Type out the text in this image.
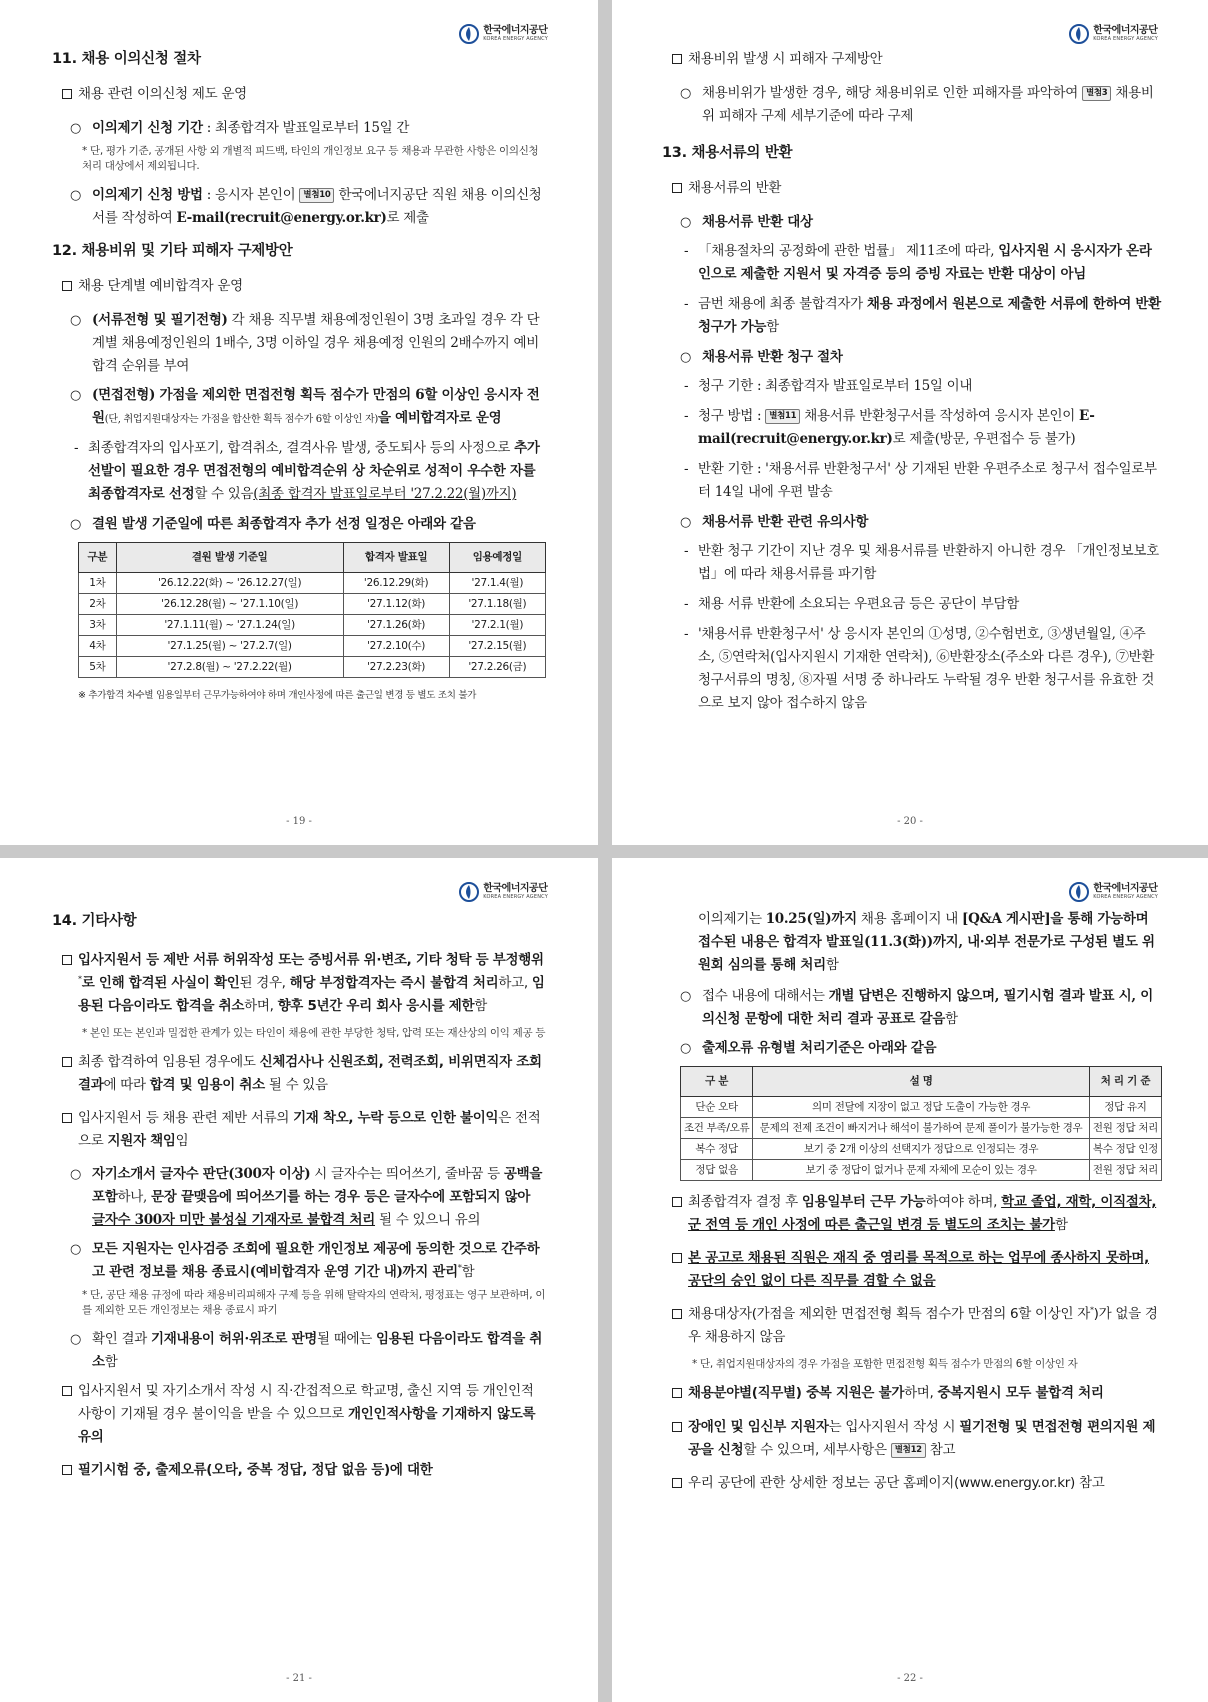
한국에너지공단
KOREA ENERGY AGENCY
11. 채용 이의신청 절차
채용 관련 이의신청 제도 운영
○ 이의제기 신청 기간 : 최종합격자 발표일로부터 15일 간
* 단, 평가 기준, 공개된 사항 외 개별적 피드백, 타인의 개인정보 요구 등 채용과 무관한 사항은 이의신청 처리 대상에서 제외됩니다.
○ 이의제기 신청 방법 : 응시자 본인이 별첨10 한국에너지공단 직원 채용 이의신청서를 작성하여 E-mail(recruit@energy.or.kr)로 제출
12. 채용비위 및 기타 피해자 구제방안
채용 단계별 예비합격자 운영
○ (서류전형 및 필기전형) 각 채용 직무별 채용예정인원이 3명 초과일 경우 각 단계별 채용예정인원의 1배수, 3명 이하일 경우 채용예정 인원의 2배수까지 예비합격 순위를 부여
○ (면접전형) 가점을 제외한 면접전형 획득 점수가 만점의 6할 이상인 응시자 전원(단, 취업지원대상자는 가점을 합산한 획득 점수가 6할 이상인 자)을 예비합격자로 운영
- 최종합격자의 입사포기, 합격취소, 결격사유 발생, 중도퇴사 등의 사정으로 추가 선발이 필요한 경우 면접전형의 예비합격순위 상 차순위로 성적이 우수한 자를 최종합격자로 선정할 수 있음(최종 합격자 발표일로부터 '27.2.22(월)까지)
○ 결원 발생 기준일에 따른 최종합격자 추가 선정 일정은 아래와 같음
구분	결원 발생 기준일	합격자 발표일	임용예정일
1차	'26.12.22(화) ~ '26.12.27(일)	'26.12.29(화)	'27.1.4(월)
2차	'26.12.28(월) ~ '27.1.10(일)	'27.1.12(화)	'27.1.18(월)
3차	'27.1.11(월) ~ '27.1.24(일)	'27.1.26(화)	'27.2.1(월)
4차	'27.1.25(월) ~ '27.2.7(일)	'27.2.10(수)	'27.2.15(월)
5차	'27.2.8(월) ~ '27.2.22(월)	'27.2.23(화)	'27.2.26(금)
※ 추가합격 차수별 임용일부터 근무가능하여야 하며 개인사정에 따른 출근일 변경 등 별도 조치 불가
- 19 -
한국에너지공단
KOREA ENERGY AGENCY
채용비위 발생 시 피해자 구제방안
○ 채용비위가 발생한 경우, 해당 채용비위로 인한 피해자를 파악하여 별첨3 채용비위 피해자 구제 세부기준에 따라 구제
13. 채용서류의 반환
채용서류의 반환
○ 채용서류 반환 대상
- 「채용절차의 공정화에 관한 법률」 제11조에 따라, 입사지원 시 응시자가 온라인으로 제출한 지원서 및 자격증 등의 증빙 자료는 반환 대상이 아님
- 금번 채용에 최종 불합격자가 채용 과정에서 원본으로 제출한 서류에 한하여 반환 청구가 가능함
○ 채용서류 반환 청구 절차
- 청구 기한 : 최종합격자 발표일로부터 15일 이내
- 청구 방법 : 별첨11 채용서류 반환청구서를 작성하여 응시자 본인이 E-mail(recruit@energy.or.kr)로 제출(방문, 우편접수 등 불가)
- 반환 기한 : '채용서류 반환청구서' 상 기재된 반환 우편주소로 청구서 접수일로부터 14일 내에 우편 발송
○ 채용서류 반환 관련 유의사항
- 반환 청구 기간이 지난 경우 및 채용서류를 반환하지 아니한 경우 「개인정보보호법」에 따라 채용서류를 파기함
- 채용 서류 반환에 소요되는 우편요금 등은 공단이 부담함
- '채용서류 반환청구서' 상 응시자 본인의 ①성명, ②수험번호, ③생년월일, ④주소, ⑤연락처(입사지원시 기재한 연락처), ⑥반환장소(주소와 다른 경우), ⑦반환 청구서류의 명칭, ⑧자필 서명 중 하나라도 누락될 경우 반환 청구서를 유효한 것으로 보지 않아 접수하지 않음
- 20 -
한국에너지공단
KOREA ENERGY AGENCY
14. 기타사항
입사지원서 등 제반 서류 허위작성 또는 증빙서류 위·변조, 기타 청탁 등 부정행위*로 인해 합격된 사실이 확인된 경우, 해당 부정합격자는 즉시 불합격 처리하고, 임용된 다음이라도 합격을 취소하며, 향후 5년간 우리 회사 응시를 제한함
* 본인 또는 본인과 밀접한 관계가 있는 타인이 채용에 관한 부당한 청탁, 압력 또는 재산상의 이익 제공 등
최종 합격하여 임용된 경우에도 신체검사나 신원조회, 전력조회, 비위면직자 조회 결과에 따라 합격 및 임용이 취소 될 수 있음
입사지원서 등 채용 관련 제반 서류의 기재 착오, 누락 등으로 인한 불이익은 전적으로 지원자 책임임
○ 자기소개서 글자수 판단(300자 이상) 시 글자수는 띄어쓰기, 줄바꿈 등 공백을 포함하나, 문장 끝맺음에 띄어쓰기를 하는 경우 등은 글자수에 포함되지 않아 글자수 300자 미만 불성실 기재자로 불합격 처리 될 수 있으니 유의
○ 모든 지원자는 인사검증 조회에 필요한 개인정보 제공에 동의한 것으로 간주하고 관련 정보를 채용 종료시(예비합격자 운영 기간 내)까지 관리*함
* 단, 공단 채용 규정에 따라 채용비리피해자 구제 등을 위해 탈락자의 연락처, 평정표는 영구 보관하며, 이를 제외한 모든 개인정보는 채용 종료시 파기
○ 확인 결과 기재내용이 허위·위조로 판명될 때에는 임용된 다음이라도 합격을 취소함
입사지원서 및 자기소개서 작성 시 직·간접적으로 학교명, 출신 지역 등 개인인적사항이 기재될 경우 불이익을 받을 수 있으므로 개인인적사항을 기재하지 않도록 유의
필기시험 중, 출제오류(오타, 중복 정답, 정답 없음 등)에 대한
- 21 -
한국에너지공단
KOREA ENERGY AGENCY
이의제기는 10.25(일)까지 채용 홈페이지 내 [Q&A 게시판]을 통해 가능하며 접수된 내용은 합격자 발표일(11.3(화))까지, 내·외부 전문가로 구성된 별도 위원회 심의를 통해 처리함
○ 접수 내용에 대해서는 개별 답변은 진행하지 않으며, 필기시험 결과 발표 시, 이의신청 문항에 대한 처리 결과 공표로 갈음함
○ 출제오류 유형별 처리기준은 아래와 같음
구 분	설 명	처 리 기 준
단순 오타	의미 전달에 지장이 없고 정답 도출이 가능한 경우	정답 유지
조건 부족/오류	문제의 전제 조건이 빠지거나 해석이 불가하여 문제 풀이가 불가능한 경우	전원 정답 처리
복수 정답	보기 중 2개 이상의 선택지가 정답으로 인정되는 경우	복수 정답 인정
정답 없음	보기 중 정답이 없거나 문제 자체에 모순이 있는 경우	전원 정답 처리
최종합격자 결정 후 임용일부터 근무 가능하여야 하며, 학교 졸업, 재학, 이직절차, 군 전역 등 개인 사정에 따른 출근일 변경 등 별도의 조치는 불가함
본 공고로 채용된 직원은 재직 중 영리를 목적으로 하는 업무에 종사하지 못하며, 공단의 승인 없이 다른 직무를 겸할 수 없음
채용대상자(가점을 제외한 면접전형 획득 점수가 만점의 6할 이상인 자*)가 없을 경우 채용하지 않음
* 단, 취업지원대상자의 경우 가점을 포함한 면접전형 획득 점수가 만점의 6할 이상인 자
채용분야별(직무별) 중복 지원은 불가하며, 중복지원시 모두 불합격 처리
장애인 및 임신부 지원자는 입사지원서 작성 시 필기전형 및 면접전형 편의지원 제공을 신청할 수 있으며, 세부사항은 별첨12 참고
우리 공단에 관한 상세한 정보는 공단 홈페이지(www.energy.or.kr) 참고
- 22 -
